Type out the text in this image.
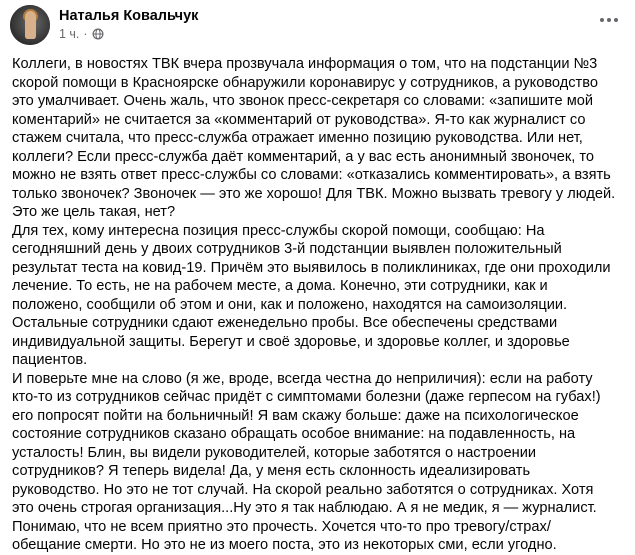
Наталья Ковальчук
1 ч. ·

Коллеги, в новостях ТВК вчера прозвучала информация о том, что на подстанции №3 скорой помощи в Красноярске обнаружили коронавирус у сотрудников, а руководство это умалчивает. Очень жаль, что звонок пресс-секретаря со словами: «запишите мой коментарий» не считается за «комментарий от руководства». Я-то как журналист со стажем считала, что пресс-служба отражает именно позицию руководства. Или нет, коллеги? Если пресс-служба даёт комментарий, а у вас есть анонимный звоночек, то можно не взять ответ пресс-службы со словами: «отказались комментировать», а взять только звоночек? Звоночек — это же хорошо! Для ТВК. Можно вызвать тревогу у людей. Это же цель такая, нет?

Для тех, кому интересна позиция пресс-службы скорой помощи, сообщаю: На сегодняшний день у двоих сотрудников 3-й подстанции выявлен положительный результат теста на ковид-19. Причём это выявилось в поликлиниках, где они проходили лечение. То есть, не на рабочем месте, а дома. Конечно, эти сотрудники, как и положено, сообщили об этом и они, как и положено, находятся на самоизоляции. Остальные сотрудники сдают еженедельно пробы. Все обеспечены средствами индивидуальной защиты. Берегут и своё здоровье, и здоровье коллег, и здоровье пациентов.

И поверьте мне на слово (я же, вроде, всегда честна до неприличия): если на работу кто-то из сотрудников сейчас придёт с симптомами болезни (даже герпесом на губах!) его попросят пойти на больничный! Я вам скажу больше: даже на психологическое состояние сотрудников сказано обращать особое внимание: на подавленность, на усталость! Блин, вы видели руководителей, которые заботятся о настроении сотрудников? Я теперь видела! Да, у меня есть склонность идеализировать руководство. Но это не тот случай. На скорой реально заботятся о сотрудниках. Хотя это очень строгая организация...Ну это я так наблюдаю. А я не медик, я — журналист.

Понимаю, что не всем приятно это прочесть. Хочется что-то про тревогу/страх/обещание смерти. Но это не из моего поста, это из некоторых сми, если угодно.
